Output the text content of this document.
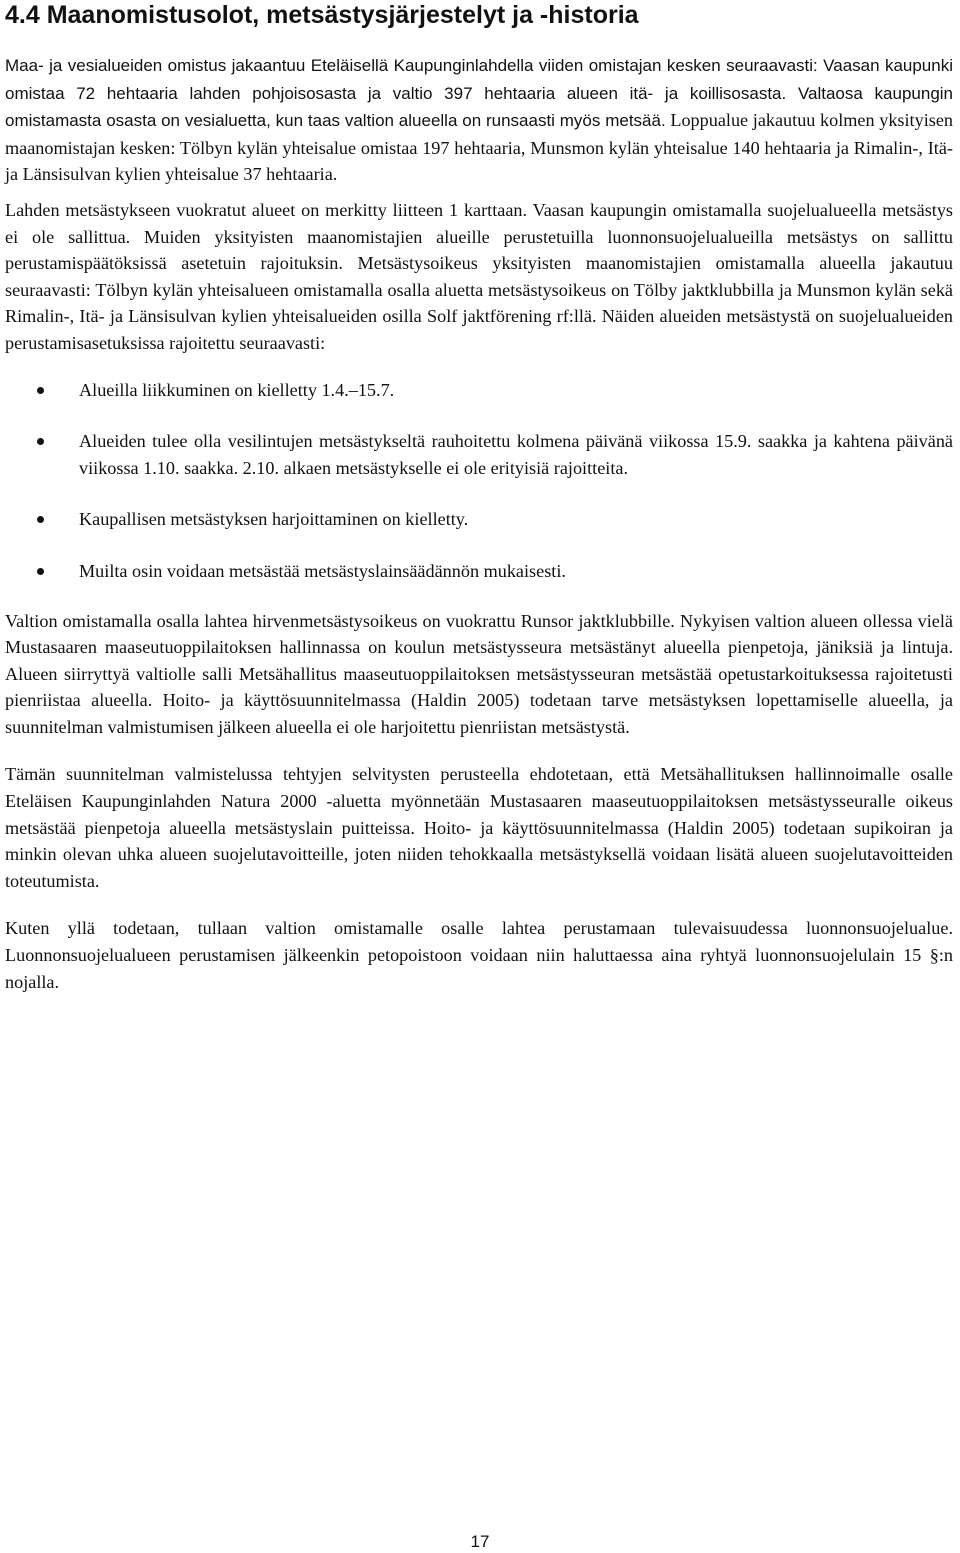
4.4 Maanomistusolot, metsästysjärjestelyt ja -historia

Maa- ja vesialueiden omistus jakaantuu Eteläisellä Kaupunginlahdella viiden omistajan kesken seuraavasti: Vaasan kaupunki omistaa 72 hehtaaria lahden pohjoisosasta ja valtio 397 hehtaaria alueen itä- ja koillisosasta. Valtaosa kaupungin omistamasta osasta on vesialuetta, kun taas valtion alueella on runsaasti myös metsää. Loppualue jakautuu kolmen yksityisen maanomistajan kesken: Tölbyn kylän yhteisalue omistaa 197 hehtaaria, Munsmon kylän yhteisalue 140 hehtaaria ja Rimalin-, Itä- ja Länsisulvan kylien yhteisalue 37 hehtaaria.

Lahden metsästykseen vuokratut alueet on merkitty liitteen 1 karttaan. Vaasan kaupungin omistamalla suojelualueella metsästys ei ole sallittua. Muiden yksityisten maanomistajien alueille perustetuilla luonnonsuojelualueilla metsästys on sallittu perustamispäätöksissä asetetuin rajoituksin. Metsästysoikeus yksityisten maanomistajien omistamalla alueella jakautuu seuraavasti: Tölbyn kylän yhteisalueen omistamalla osalla aluetta metsästysoikeus on Tölby jaktklubbilla ja Munsmon kylän sekä Rimalin-, Itä- ja Länsisulvan kylien yhteisalueiden osilla Solf jaktförening rf:llä. Näiden alueiden metsästystä on suojelualueiden perustamisasetuksissa rajoitettu seuraavasti:

Alueilla liikkuminen on kielletty 1.4.–15.7.
Alueiden tulee olla vesilintujen metsästykseltä rauhoitettu kolmena päivänä viikossa 15.9. saakka ja kahtena päivänä viikossa 1.10. saakka. 2.10. alkaen metsästykselle ei ole erityisiä rajoitteita.
Kaupallisen metsästyksen harjoittaminen on kielletty.
Muilta osin voidaan metsästää metsästyslainsäädännön mukaisesti.

Valtion omistamalla osalla lahtea hirvenmetsästysoikeus on vuokrattu Runsor jaktklubbille. Nykyisen valtion alueen ollessa vielä Mustasaaren maaseutuoppilaitoksen hallinnassa on koulun metsästysseura metsästänyt alueella pienpetoja, jäniksiä ja lintuja. Alueen siirryttyä valtiolle salli Metsähallitus maaseutuoppilaitoksen metsästysseuran metsästää opetustarkoituksessa rajoitetusti pienriistaa alueella. Hoito- ja käyttösuunnitelmassa (Haldin 2005) todetaan tarve metsästyksen lopettamiselle alueella, ja suunnitelman valmistumisen jälkeen alueella ei ole harjoitettu pienriistan metsästystä.

Tämän suunnitelman valmistelussa tehtyjen selvitysten perusteella ehdotetaan, että Metsähallituksen hallinnoimalle osalle Eteläisen Kaupunginlahden Natura 2000 -aluetta myönnetään Mustasaaren maaseutuoppilaitoksen metsästysseuralle oikeus metsästää pienpetoja alueella metsästyslain puitteissa. Hoito- ja käyttösuunnitelmassa (Haldin 2005) todetaan supikoiran ja minkin olevan uhka alueen suojelutavoitteille, joten niiden tehokkaalla metsästyksellä voidaan lisätä alueen suojelutavoitteiden toteutumista.

Kuten yllä todetaan, tullaan valtion omistamalle osalle lahtea perustamaan tulevaisuudessa luonnonsuojelualue. Luonnonsuojelualueen perustamisen jälkeenkin petopoistoon voidaan niin haluttaessa aina ryhtyä luonnonsuojelulain 15 §:n nojalla.

17
